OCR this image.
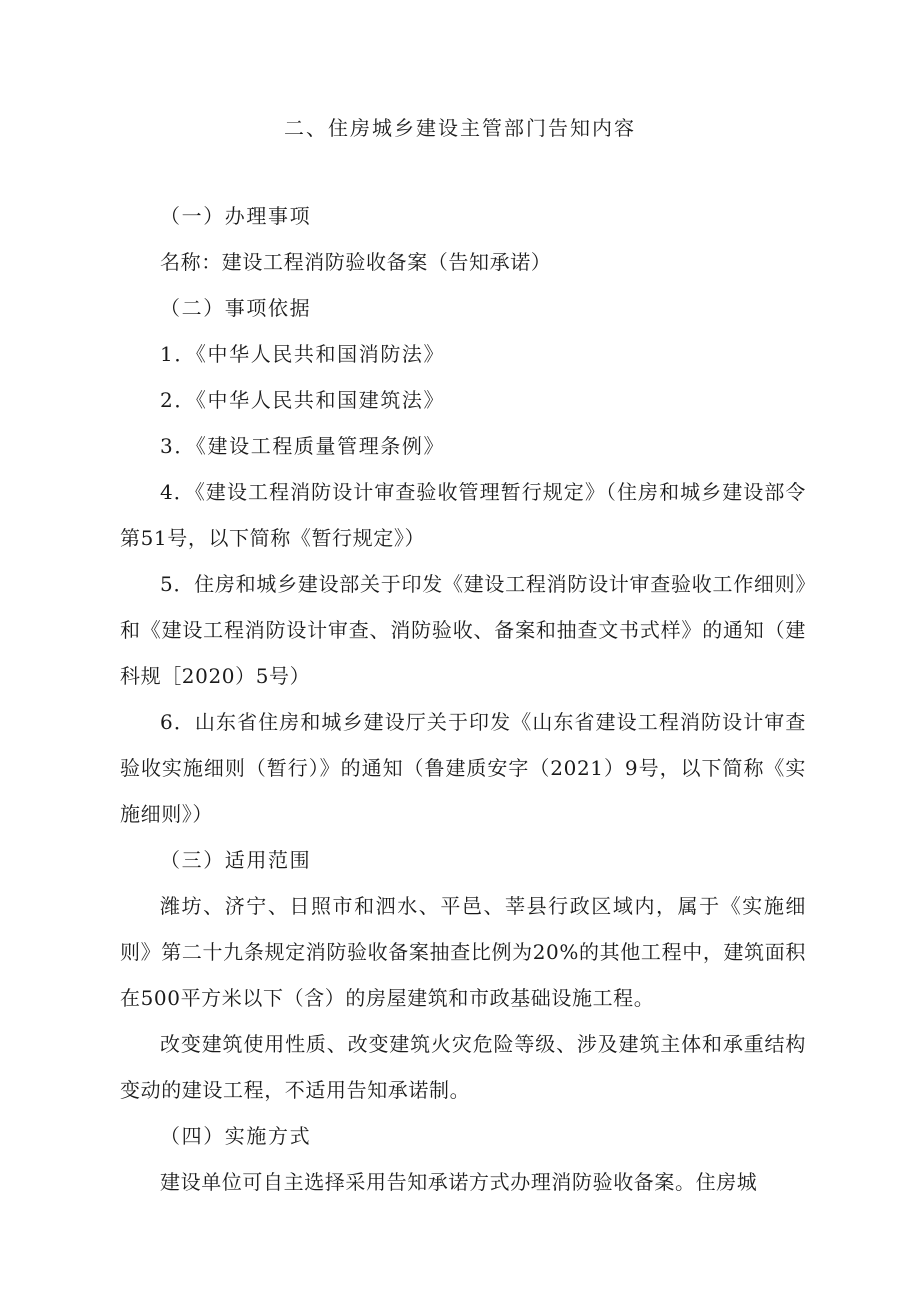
二、住房城乡建设主管部门告知内容

（一）办理事项

名称：建设工程消防验收备案（告知承诺）

（二）事项依据

1．《中华人民共和国消防法》

2．《中华人民共和国建筑法》

3．《建设工程质量管理条例》

4．《建设工程消防设计审查验收管理暂行规定》（住房和城乡建设部令第51号，以下简称《暂行规定》）

5．住房和城乡建设部关于印发《建设工程消防设计审查验收工作细则》和《建设工程消防设计审查、消防验收、备案和抽查文书式样》的通知（建科规［2020）5号）

6．山东省住房和城乡建设厅关于印发《山东省建设工程消防设计审查验收实施细则（暂行）》的通知（鲁建质安字（2021）9号，以下简称《实施细则》）

（三）适用范围

潍坊、济宁、日照市和泗水、平邑、莘县行政区域内，属于《实施细则》第二十九条规定消防验收备案抽查比例为20%的其他工程中，建筑面积在500平方米以下（含）的房屋建筑和市政基础设施工程。

改变建筑使用性质、改变建筑火灾危险等级、涉及建筑主体和承重结构变动的建设工程，不适用告知承诺制。

（四）实施方式

建设单位可自主选择采用告知承诺方式办理消防验收备案。住房城
